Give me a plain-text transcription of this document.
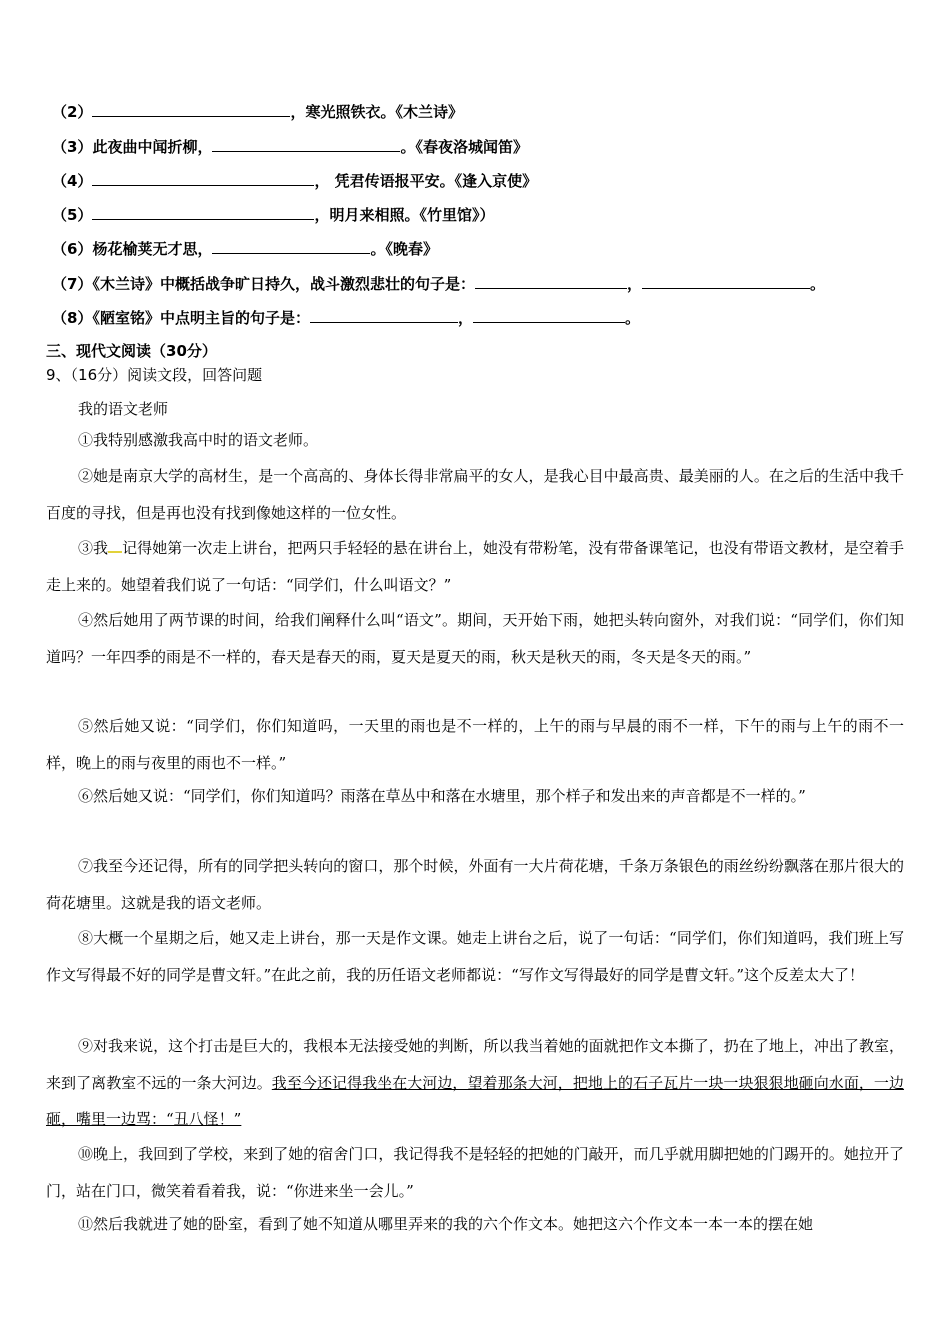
（2）	，寒光照铁衣。《木兰诗》
（3）此夜曲中闻折柳，	。《春夜洛城闻笛》
（4）	， 凭君传语报平安。《逢入京使》
（5）	，明月来相照。《竹里馆》）
（6）杨花榆荚无才思，	。《晚春》
（7）《木兰诗》中概括战争旷日持久，战斗激烈悲壮的句子是：	，	。
（8）《陋室铭》中点明主旨的句子是：	，	。
三、现代文阅读（30分）
9、（16分）阅读文段，回答问题
我的语文老师

①我特别感激我高中时的语文老师。

②她是南京大学的高材生，是一个高高的、身体长得非常扁平的女人，是我心目中最高贵、最美丽的人。在之后的生活中我千百度的寻找，但是再也没有找到像她这样的一位女性。

③我 记得她第一次走上讲台，把两只手轻轻的悬在讲台上，她没有带粉笔，没有带备课笔记，也没有带语文教材，是空着手走上来的。她望着我们说了一句话：“同学们，什么叫语文？”

④然后她用了两节课的时间，给我们阐释什么叫“语文”。期间，天开始下雨，她把头转向窗外，对我们说：“同学们，你们知道吗？一年四季的雨是不一样的，春天是春天的雨，夏天是夏天的雨，秋天是秋天的雨，冬天是冬天的雨。”

⑤然后她又说：“同学们，你们知道吗，一天里的雨也是不一样的，上午的雨与早晨的雨不一样，下午的雨与上午的雨不一样，晚上的雨与夜里的雨也不一样。”

⑥然后她又说：“同学们，你们知道吗？雨落在草丛中和落在水塘里，那个样子和发出来的声音都是不一样的。”

⑦我至今还记得，所有的同学把头转向的窗口，那个时候，外面有一大片荷花塘，千条万条银色的雨丝纷纷飘落在那片很大的荷花塘里。这就是我的语文老师。

⑧大概一个星期之后，她又走上讲台，那一天是作文课。她走上讲台之后，说了一句话：“同学们，你们知道吗，我们班上写作文写得最不好的同学是曹文轩。”在此之前，我的历任语文老师都说：“写作文写得最好的同学是曹文轩。”这个反差太大了！

⑨对我来说，这个打击是巨大的，我根本无法接受她的判断，所以我当着她的面就把作文本撕了，扔在了地上，冲出了教室，来到了离教室不远的一条大河边。我至今还记得我坐在大河边，望着那条大河，把地上的石子瓦片一块一块狠狠地砸向水面，一边砸，嘴里一边骂：“丑八怪！”

⑩晚上，我回到了学校，来到了她的宿舍门口，我记得我不是轻轻的把她的门敲开，而几乎就用脚把她的门踢开的。她拉开了门，站在门口，微笑着看着我，说：“你进来坐一会儿。”

⑪然后我就进了她的卧室，看到了她不知道从哪里弄来的我的六个作文本。她把这六个作文本一本一本的摆在她
